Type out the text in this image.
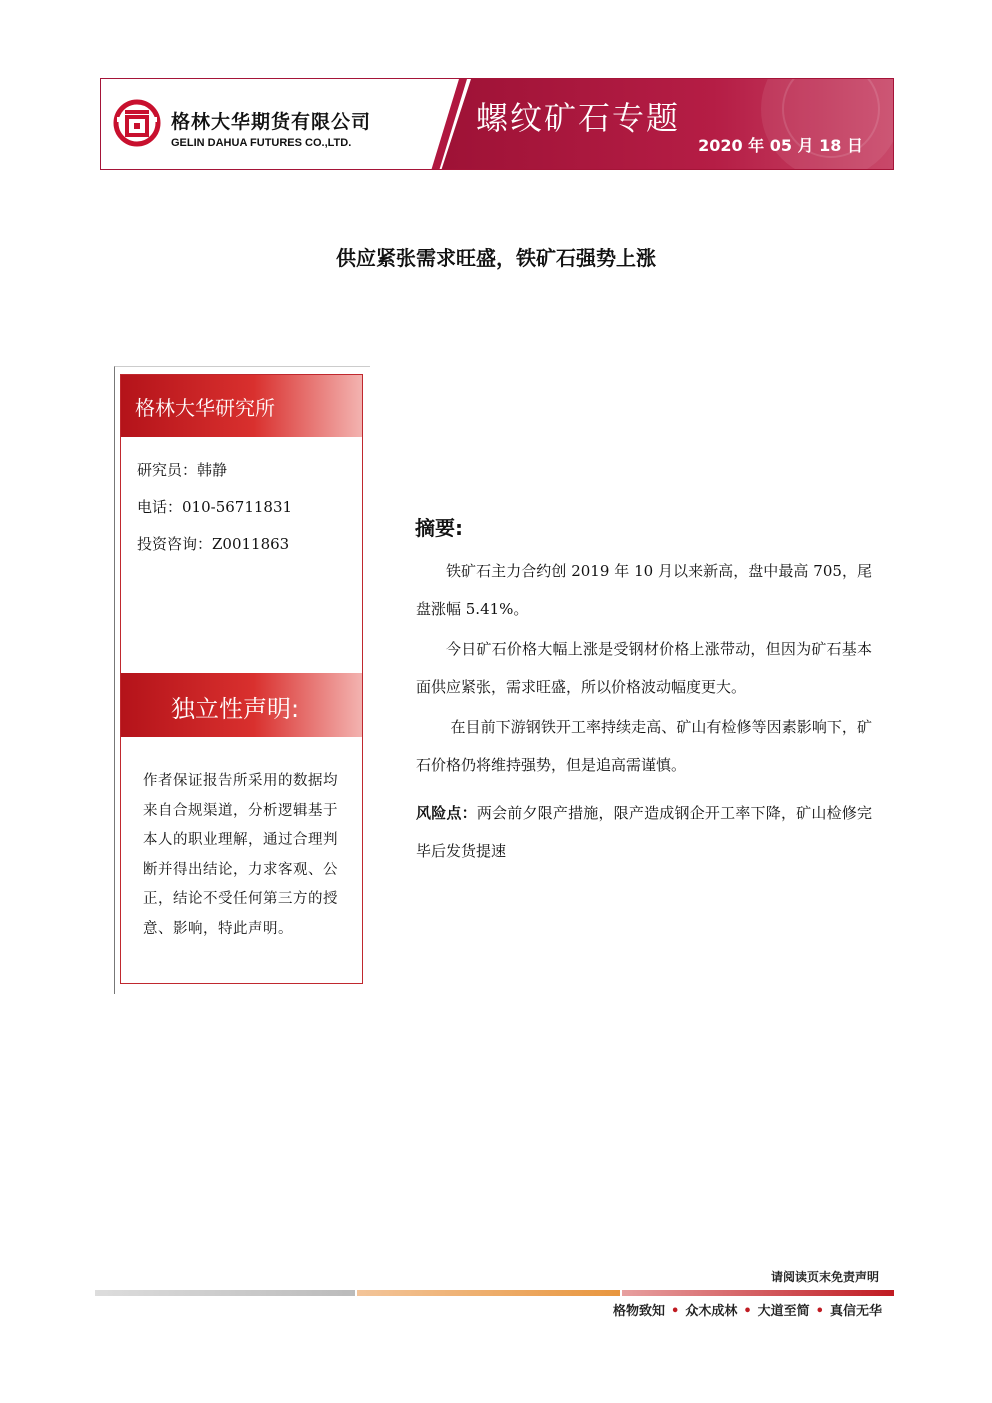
格林大华期货有限公司
GELIN DAHUA FUTURES CO.,LTD.
螺纹矿石专题
2020 年 05 月 18 日
供应紧张需求旺盛，铁矿石强势上涨
格林大华研究所
研究员：韩静
电话：010-56711831
投资咨询：Z0011863
独立性声明:
作者保证报告所采用的数据均来自合规渠道，分析逻辑基于本人的职业理解，通过合理判断并得出结论，力求客观、公正，结论不受任何第三方的授意、影响，特此声明。
摘要:
铁矿石主力合约创 2019 年 10 月以来新高，盘中最高 705，尾盘涨幅 5.41%。
今日矿石价格大幅上涨是受钢材价格上涨带动，但因为矿石基本面供应紧张，需求旺盛，所以价格波动幅度更大。
在目前下游钢铁开工率持续走高、矿山有检修等因素影响下，矿石价格仍将维持强势，但是追高需谨慎。
风险点：两会前夕限产措施，限产造成钢企开工率下降，矿山检修完毕后发货提速
请阅读页末免责声明
格物致知 • 众木成林 • 大道至简 • 真信无华
